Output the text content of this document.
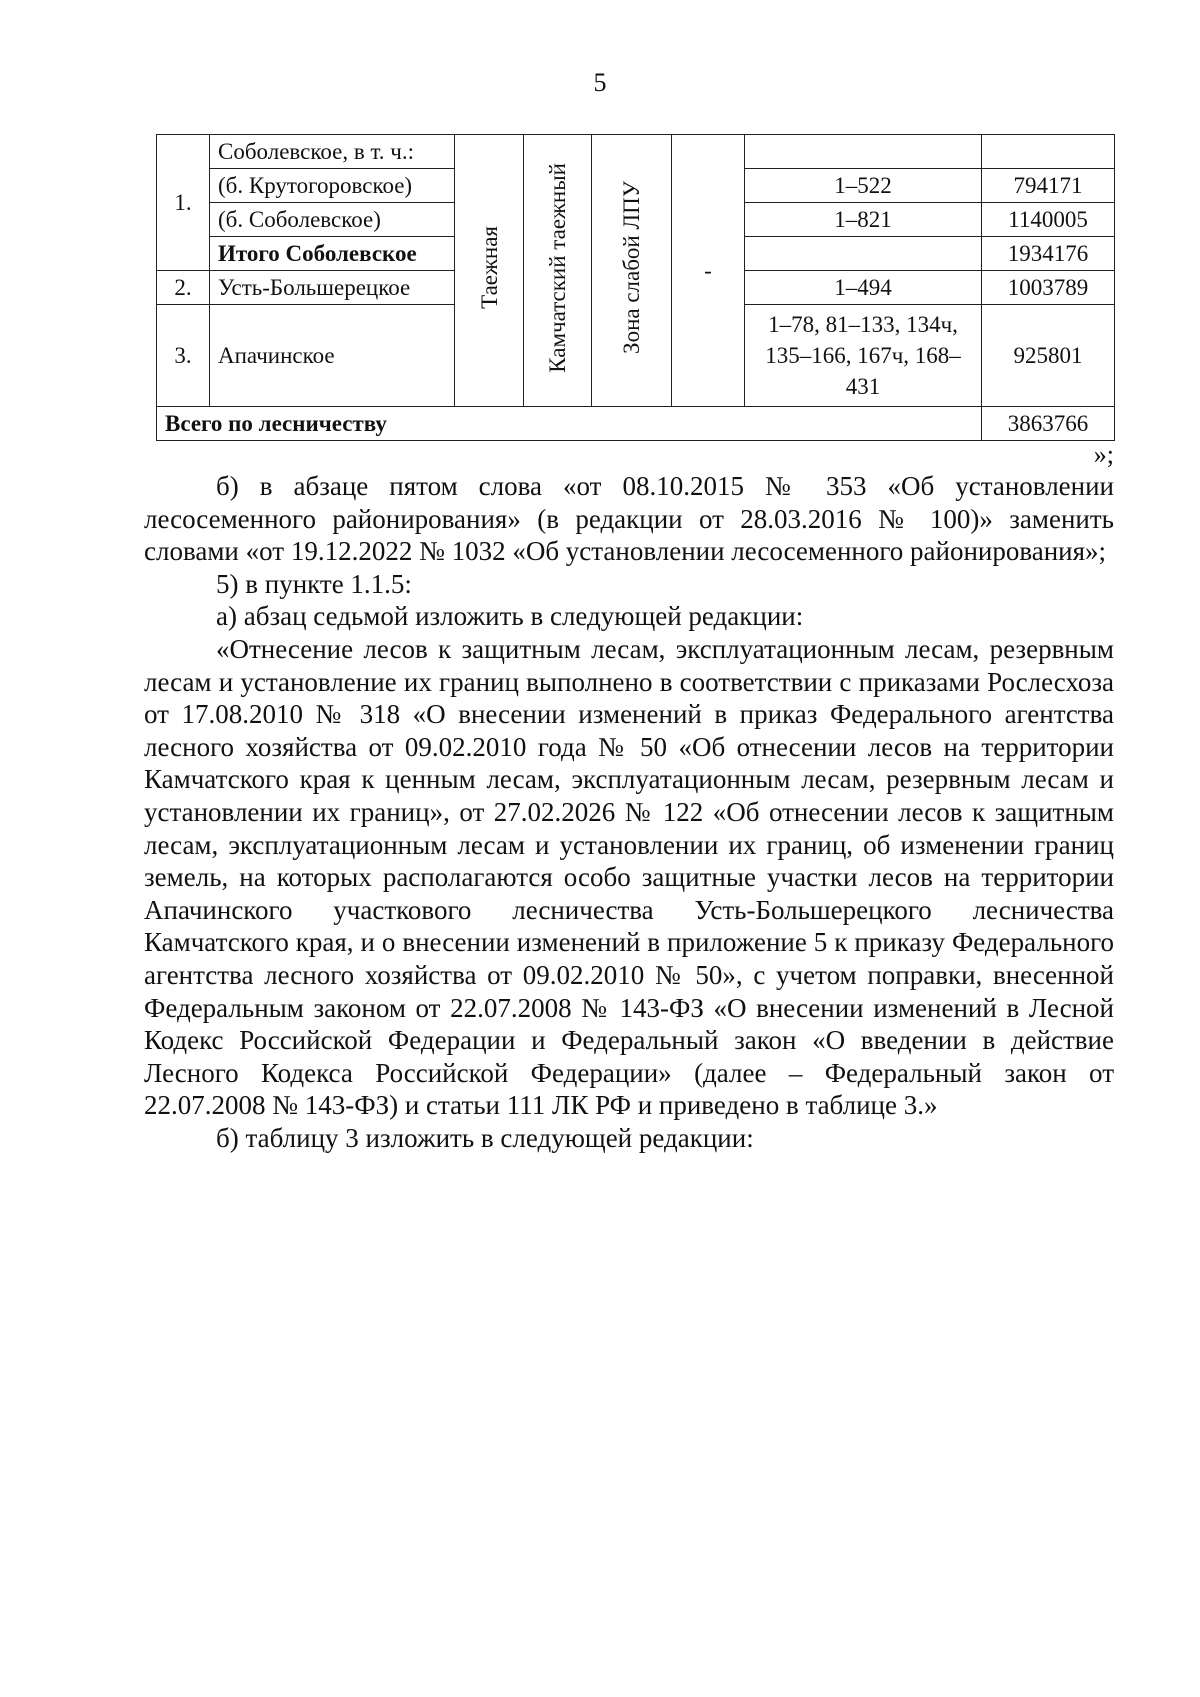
5
1.	Соболевское, в т. ч.:	Таежная	Камчатский таежный	Зона слабой ЛПУ	-		
	(б. Крутогоровское)					1–522	794171
	(б. Соболевское)					1–821	1140005
	Итого Соболевское						1934176
2.	Усть-Большерецкое					1–494	1003789
3.	Апачинское					1–78, 81–133, 134ч, 135–166, 167ч, 168–431	925801
Всего по лесничеству							3863766
»;

б) в абзаце пятом слова «от 08.10.2015 № 353 «Об установлении лесосеменного районирования» (в редакции от 28.03.2016 № 100)» заменить словами «от 19.12.2022 № 1032 «Об установлении лесосеменного районирования»;

5) в пункте 1.1.5:

а) абзац седьмой изложить в следующей редакции:

«Отнесение лесов к защитным лесам, эксплуатационным лесам, резервным лесам и установление их границ выполнено в соответствии с приказами Рослесхоза от 17.08.2010 № 318 «О внесении изменений в приказ Федерального агентства лесного хозяйства от 09.02.2010 года № 50 «Об отнесении лесов на территории Камчатского края к ценным лесам, эксплуатационным лесам, резервным лесам и установлении их границ», от 27.02.2026 № 122 «Об отнесении лесов к защитным лесам, эксплуатационным лесам и установлении их границ, об изменении границ земель, на которых располагаются особо защитные участки лесов на территории Апачинского участкового лесничества Усть-Большерецкого лесничества Камчатского края, и о внесении изменений в приложение 5 к приказу Федерального агентства лесного хозяйства от 09.02.2010 № 50», с учетом поправки, внесенной Федеральным законом от 22.07.2008 № 143-ФЗ «О внесении изменений в Лесной Кодекс Российской Федерации и Федеральный закон «О введении в действие Лесного Кодекса Российской Федерации» (далее – Федеральный закон от 22.07.2008 № 143-ФЗ) и статьи 111 ЛК РФ и приведено в таблице 3.»

б) таблицу 3 изложить в следующей редакции:
